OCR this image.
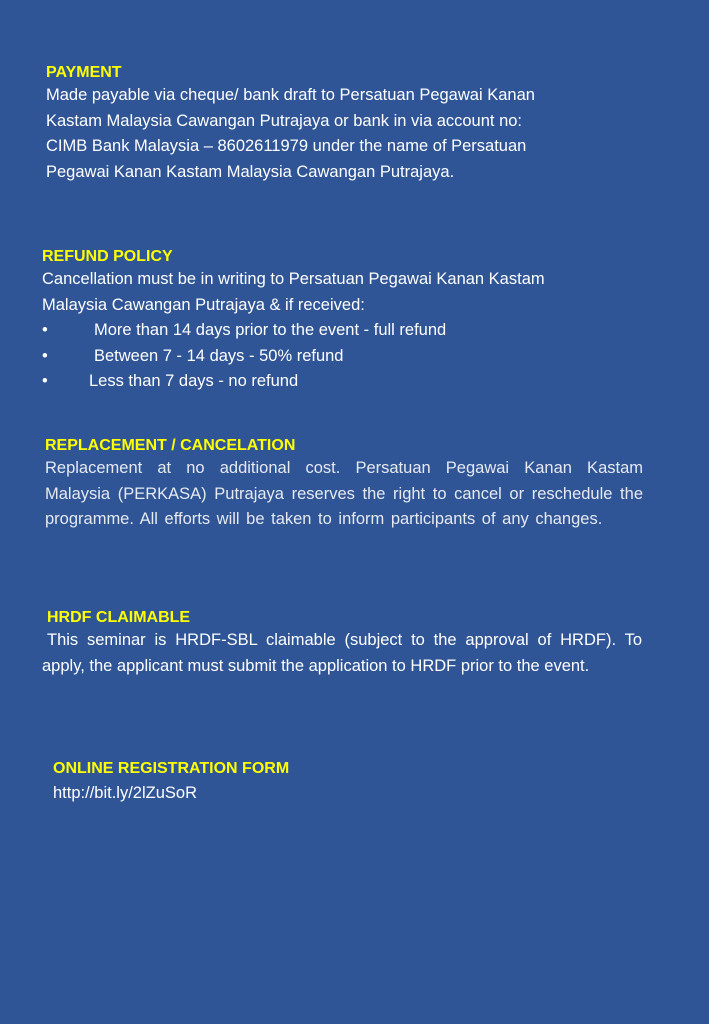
PAYMENT

Made payable via cheque/ bank draft to Persatuan Pegawai Kanan
Kastam Malaysia Cawangan Putrajaya or bank in via account no:
CIMB Bank Malaysia – 8602611979 under the name of Persatuan
Pegawai Kanan Kastam Malaysia Cawangan Putrajaya.

REFUND POLICY

Cancellation must be in writing to Persatuan Pegawai Kanan Kastam
Malaysia Cawangan Putrajaya & if received:

•	More than 14 days prior to the event - full refund
•	Between 7 - 14 days - 50% refund
• Less than 7 days - no refund
REPLACEMENT / CANCELATION

Replacement at no additional cost. Persatuan Pegawai Kanan Kastam Malaysia (PERKASA) Putrajaya reserves the right to cancel or reschedule the programme. All efforts will be taken to inform participants of any changes.

HRDF CLAIMABLE

This seminar is HRDF-SBL claimable (subject to the approval of HRDF). To apply, the applicant must submit the application to HRDF prior to the event.

ONLINE REGISTRATION FORM

http://bit.ly/2lZuSoR
